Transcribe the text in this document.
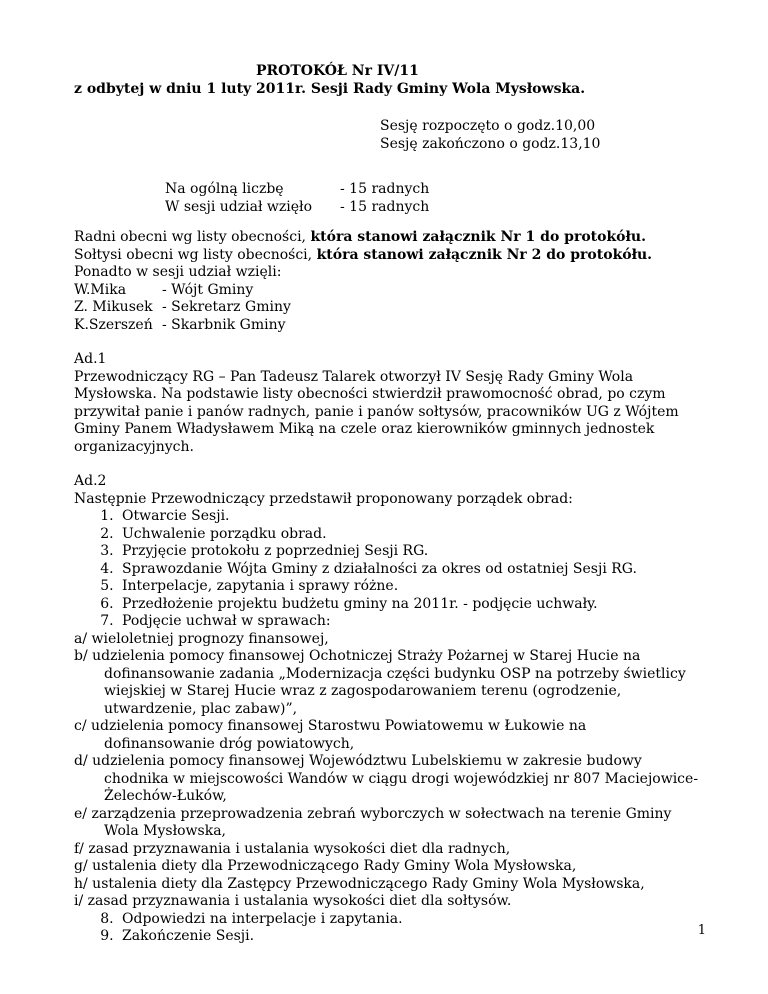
PROTOKÓŁ Nr IV/11
z odbytej w dniu 1 luty 2011r. Sesji Rady Gminy Wola Mysłowska.
Sesję rozpoczęto o godz.10,00
Sesję zakończono o godz.13,10
Na ogólną liczbę	- 15 radnych
W sesji udział wzięło	- 15 radnych
Radni obecni wg listy obecności, która stanowi załącznik Nr 1 do protokółu.
Sołtysi obecni wg listy obecności, która stanowi załącznik Nr 2 do protokółu.
Ponadto w sesji udział wzięli:
W.Mika	- Wójt Gminy
Z. Mikusek - Sekretarz Gminy
K.Szerszeń - Skarbnik Gminy
Ad.1
Przewodniczący RG – Pan Tadeusz Talarek otworzył IV Sesję Rady Gminy Wola
Mysłowska. Na podstawie listy obecności stwierdził prawomocność obrad, po czym
przywitał panie i panów radnych, panie i panów sołtysów, pracowników UG z Wójtem
Gminy Panem Władysławem Miką na czele oraz kierowników gminnych jednostek
organizacyjnych.
Ad.2
Następnie Przewodniczący przedstawił proponowany porządek obrad:
1. Otwarcie Sesji.
2. Uchwalenie porządku obrad.
3. Przyjęcie protokołu z poprzedniej Sesji RG.
4. Sprawozdanie Wójta Gminy z działalności za okres od ostatniej Sesji RG.
5. Interpelacje, zapytania i sprawy różne.
6. Przedłożenie projektu budżetu gminy na 2011r. - podjęcie uchwały.
7. Podjęcie uchwał w sprawach:
a/ wieloletniej prognozy finansowej,
b/ udzielenia pomocy finansowej Ochotniczej Straży Pożarnej w Starej Hucie na
dofinansowanie zadania „Modernizacja części budynku OSP na potrzeby świetlicy
wiejskiej w Starej Hucie wraz z zagospodarowaniem terenu (ogrodzenie,
utwardzenie, plac zabaw)”,
c/ udzielenia pomocy finansowej Starostwu Powiatowemu w Łukowie na
dofinansowanie dróg powiatowych,
d/ udzielenia pomocy finansowej Województwu Lubelskiemu w zakresie budowy
chodnika w miejscowości Wandów w ciągu drogi wojewódzkiej nr 807 Maciejowice-
Żelechów-Łuków,
e/ zarządzenia przeprowadzenia zebrań wyborczych w sołectwach na terenie Gminy
Wola Mysłowska,
f/ zasad przyznawania i ustalania wysokości diet dla radnych,
g/ ustalenia diety dla Przewodniczącego Rady Gminy Wola Mysłowska,
h/ ustalenia diety dla Zastępcy Przewodniczącego Rady Gminy Wola Mysłowska,
i/ zasad przyznawania i ustalania wysokości diet dla sołtysów.
8. Odpowiedzi na interpelacje i zapytania.
9. Zakończenie Sesji.	1
